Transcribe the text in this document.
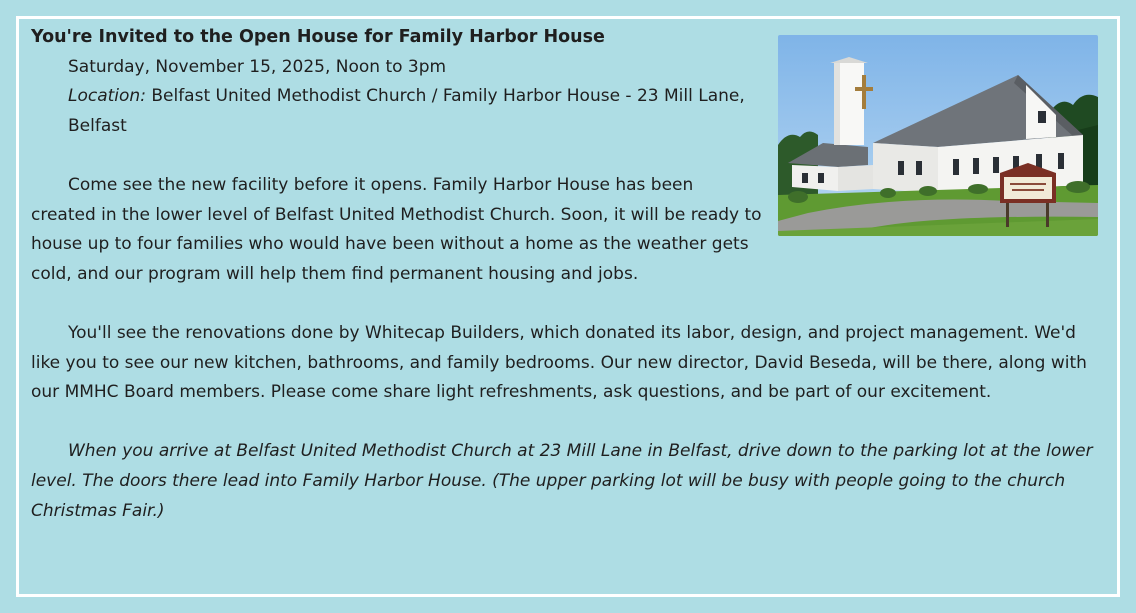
You're Invited to the Open House for Family Harbor House

Saturday, November 15, 2025, Noon to 3pm

Location: Belfast United Methodist Church / Family Harbor House - 23 Mill Lane, Belfast

Come see the new facility before it opens. Family Harbor House has been created in the lower level of Belfast United Methodist Church. Soon, it will be ready to house up to four families who would have been without a home as the weather gets cold, and our program will help them find permanent housing and jobs.

You'll see the renovations done by Whitecap Builders, which donated its labor, design, and project management. We'd like you to see our new kitchen, bathrooms, and family bedrooms. Our new director, David Beseda, will be there, along with our MMHC Board members. Please come share light refreshments, ask questions, and be part of our excitement.

When you arrive at Belfast United Methodist Church at 23 Mill Lane in Belfast, drive down to the parking lot at the lower level. The doors there lead into Family Harbor House. (The upper parking lot will be busy with people going to the church Christmas Fair.)
